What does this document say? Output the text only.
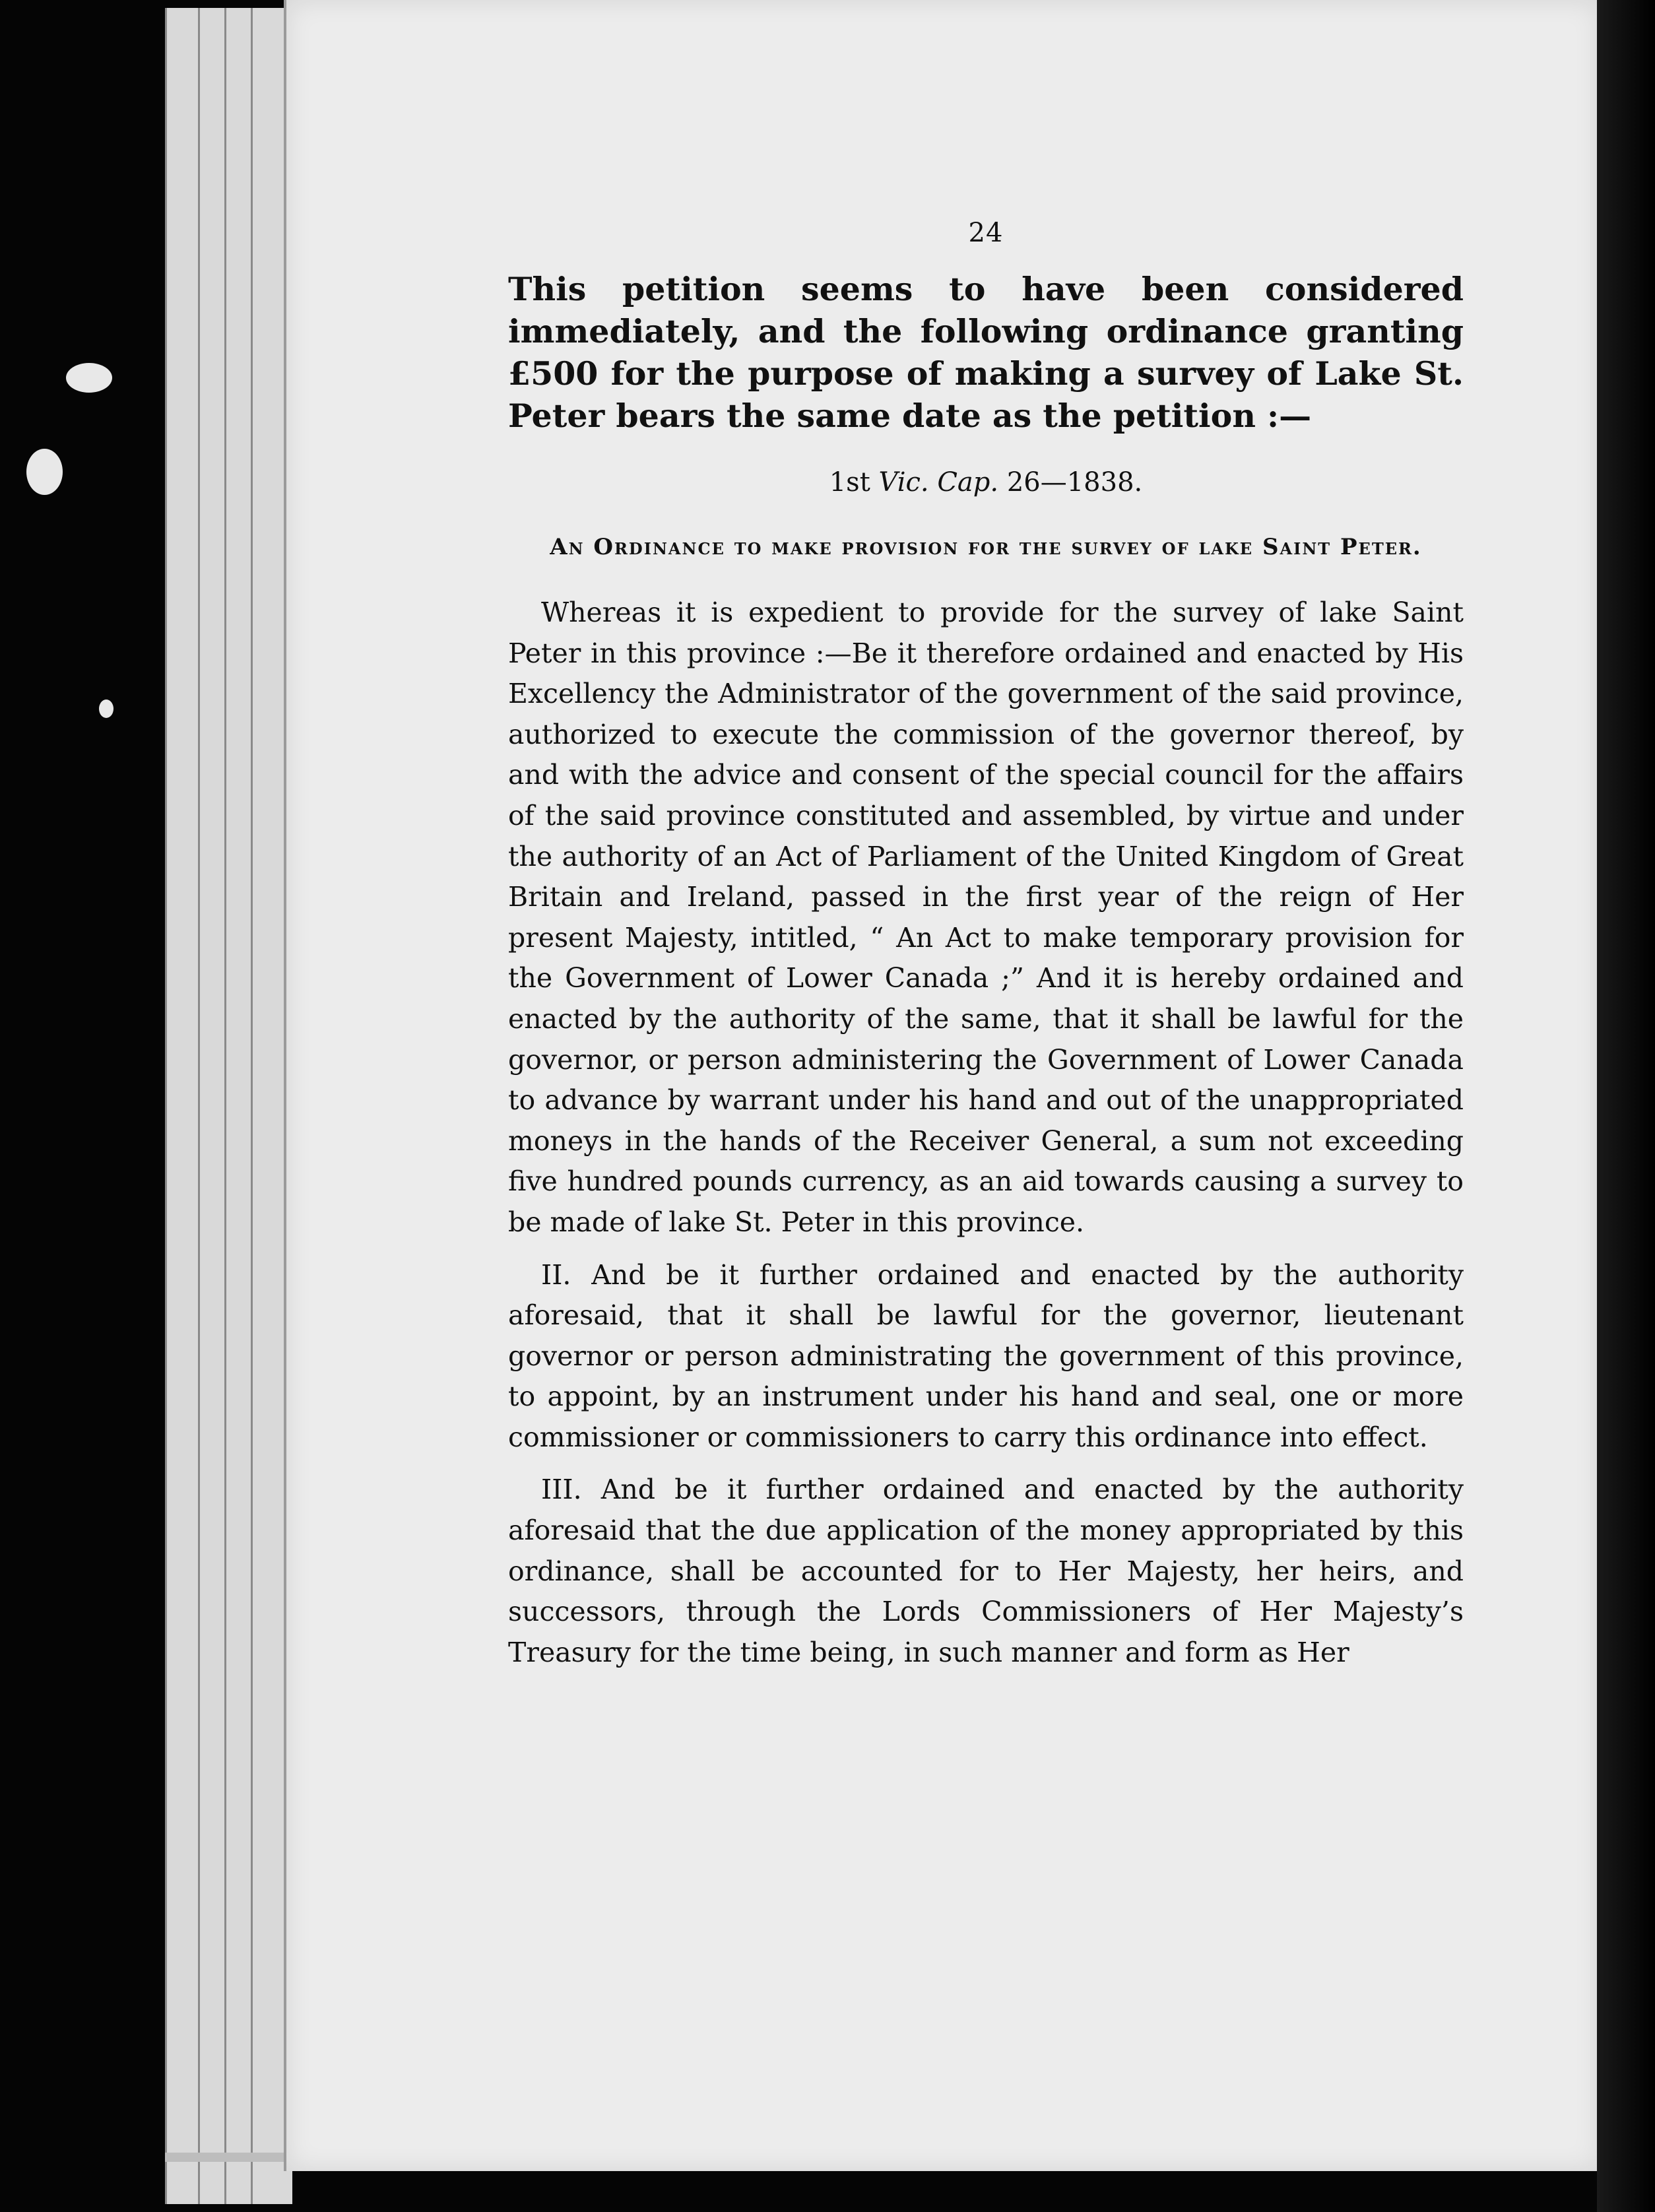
24

This petition seems to have been considered immediately, and the following ordinance granting £500 for the purpose of making a survey of Lake St. Peter bears the same date as the petition :—

1st Vic. Cap. 26—1838.
An Ordinance to make provision for the survey of lake Saint Peter.

Whereas it is expedient to provide for the survey of lake Saint Peter in this province :—Be it therefore ordained and enacted by His Excellency the Administrator of the government of the said province, authorized to execute the commission of the governor thereof, by and with the advice and consent of the special council for the affairs of the said province constituted and assembled, by virtue and under the authority of an Act of Parliament of the United Kingdom of Great Britain and Ireland, passed in the first year of the reign of Her present Majesty, intitled, “ An Act to make temporary provision for the Government of Lower Canada ;” And it is hereby ordained and enacted by the authority of the same, that it shall be lawful for the governor, or person administering the Government of Lower Canada to advance by warrant under his hand and out of the unappropriated moneys in the hands of the Receiver General, a sum not exceeding five hundred pounds currency, as an aid towards causing a survey to be made of lake St. Peter in this province.

II. And be it further ordained and enacted by the authority aforesaid, that it shall be lawful for the governor, lieutenant governor or person administrating the government of this province, to appoint, by an instrument under his hand and seal, one or more commissioner or commissioners to carry this ordinance into effect.

III. And be it further ordained and enacted by the authority aforesaid that the due application of the money appropriated by this ordinance, shall be accounted for to Her Majesty, her heirs, and successors, through the Lords Commissioners of Her Majesty’s Treasury for the time being, in such manner and form as Her
